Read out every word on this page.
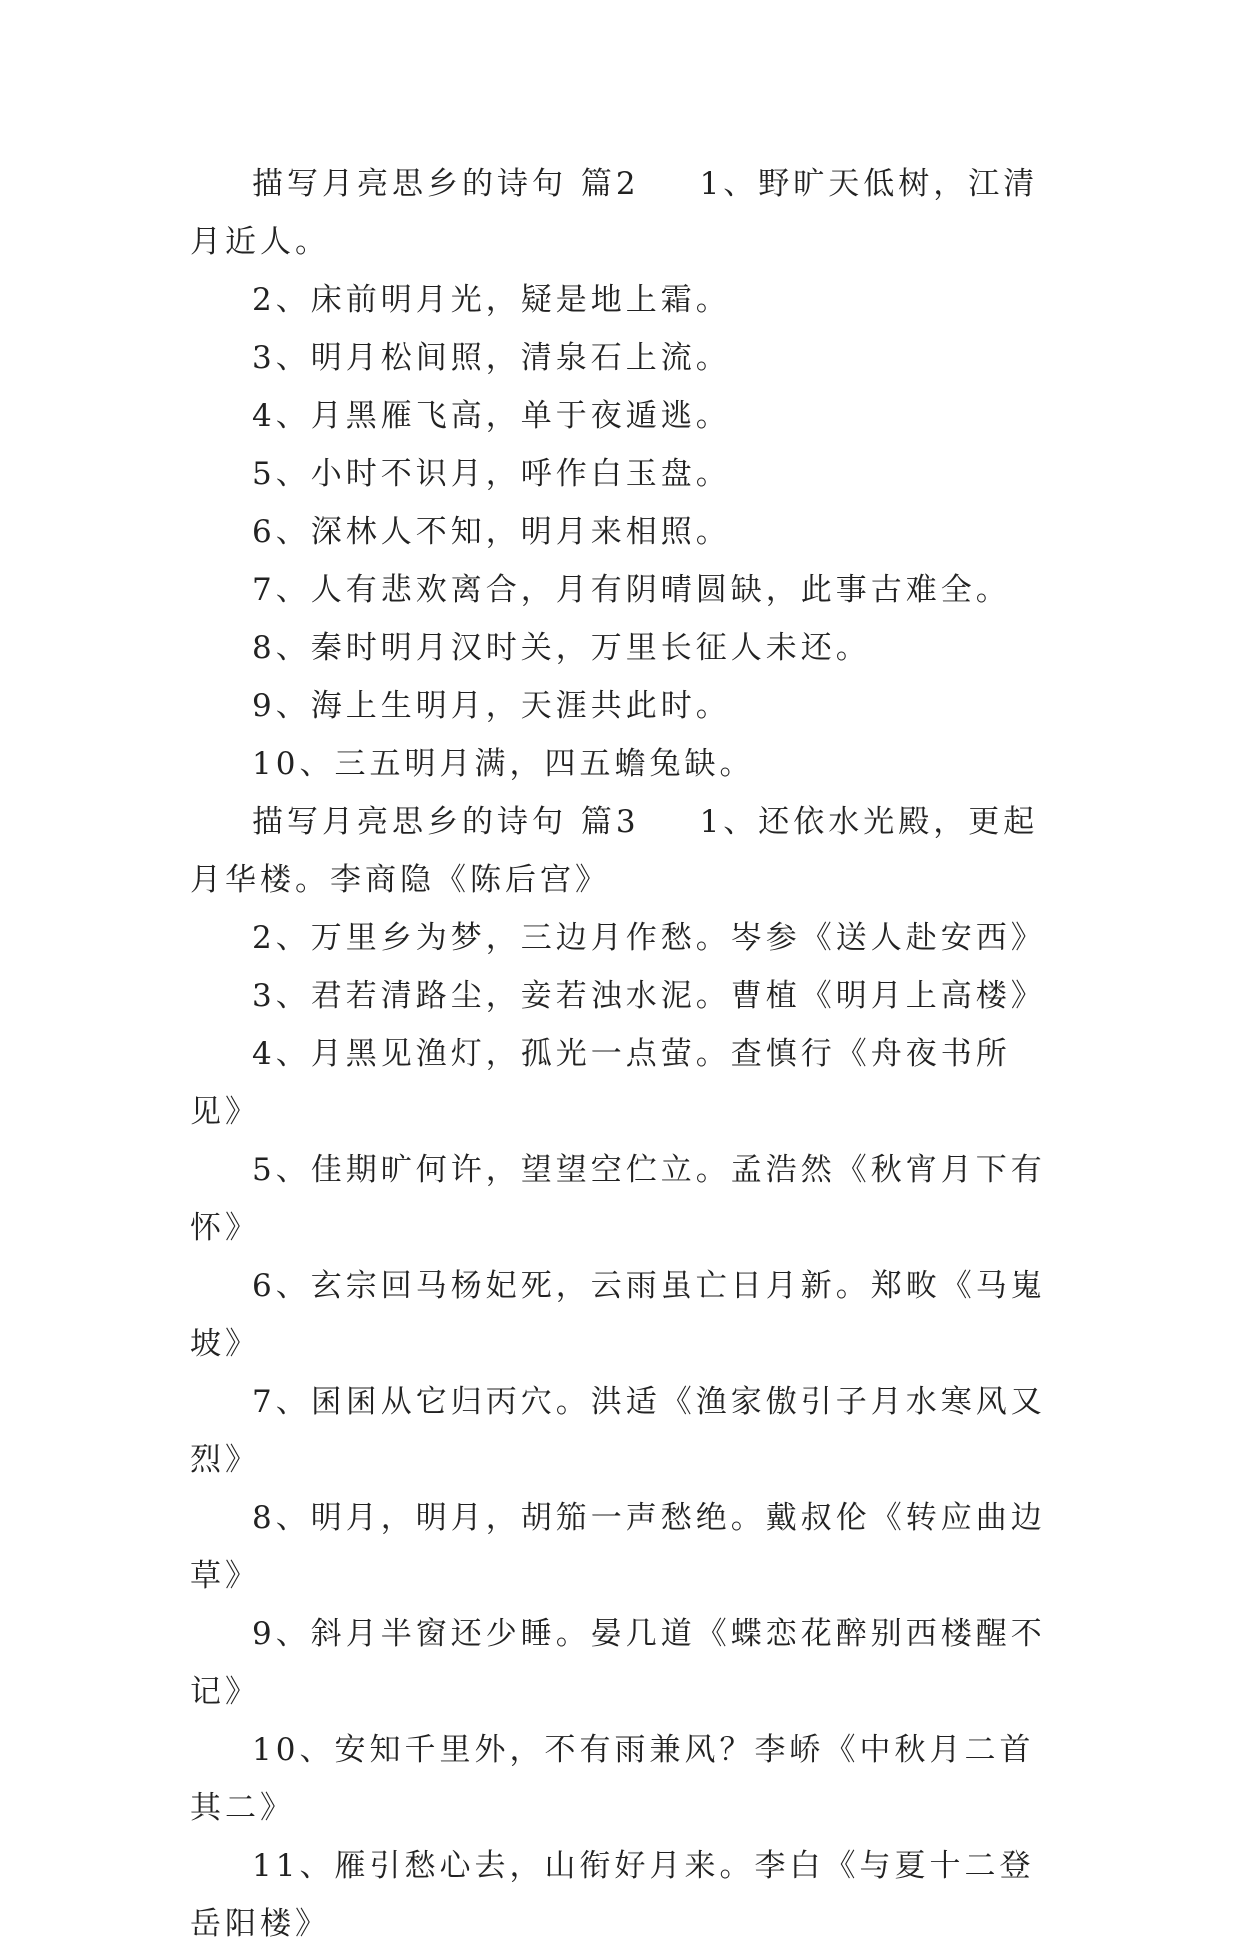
描写月亮思乡的诗句 篇2 1、野旷天低树，江清月近人。

2、床前明月光，疑是地上霜。

3、明月松间照，清泉石上流。

4、月黑雁飞高，单于夜遁逃。

5、小时不识月，呼作白玉盘。

6、深林人不知，明月来相照。

7、人有悲欢离合，月有阴晴圆缺，此事古难全。

8、秦时明月汉时关，万里长征人未还。

9、海上生明月，天涯共此时。

10、三五明月满，四五蟾兔缺。

描写月亮思乡的诗句 篇3 1、还依水光殿，更起月华楼。李商隐《陈后宫》

2、万里乡为梦，三边月作愁。岑参《送人赴安西》

3、君若清路尘，妾若浊水泥。曹植《明月上高楼》

4、月黑见渔灯，孤光一点萤。查慎行《舟夜书所见》

5、佳期旷何许，望望空伫立。孟浩然《秋宵月下有怀》

6、玄宗回马杨妃死，云雨虽亡日月新。郑畋《马嵬坡》

7、囷囷从它归丙穴。洪适《渔家傲引子月水寒风又烈》

8、明月，明月，胡笳一声愁绝。戴叔伦《转应曲边草》

9、斜月半窗还少睡。晏几道《蝶恋花醉别西楼醒不记》

10、安知千里外，不有雨兼风？李峤《中秋月二首其二》

11、雁引愁心去，山衔好月来。李白《与夏十二登岳阳楼》
